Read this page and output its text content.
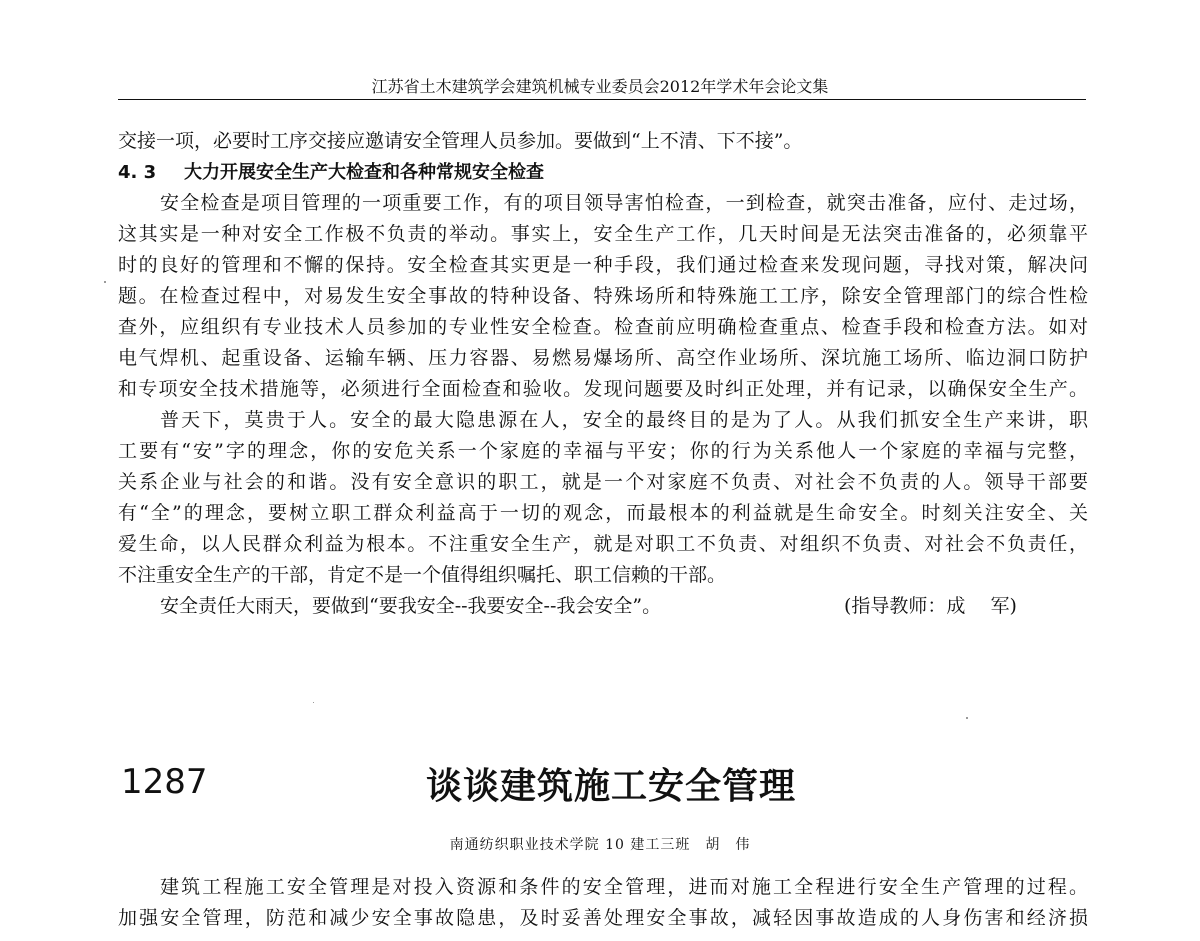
江苏省土木建筑学会建筑机械专业委员会2012年学术年会论文集
交接一项，必要时工序交接应邀请安全管理人员参加。要做到“上不清、下不接”。
4. 3 大力开展安全生产大检查和各种常规安全检查
安全检查是项目管理的一项重要工作，有的项目领导害怕检查，一到检查，就突击准备，应付、走过场，
这其实是一种对安全工作极不负责的举动。事实上，安全生产工作，几天时间是无法突击准备的，必须靠平
时的良好的管理和不懈的保持。安全检查其实更是一种手段，我们通过检查来发现问题，寻找对策，解决问
题。在检查过程中，对易发生安全事故的特种设备、特殊场所和特殊施工工序，除安全管理部门的综合性检
查外，应组织有专业技术人员参加的专业性安全检查。检查前应明确检查重点、检查手段和检查方法。如对
电气焊机、起重设备、运输车辆、压力容器、易燃易爆场所、高空作业场所、深坑施工场所、临边洞口防护
和专项安全技术措施等，必须进行全面检查和验收。发现问题要及时纠正处理，并有记录，以确保安全生产。
普天下，莫贵于人。安全的最大隐患源在人，安全的最终目的是为了人。从我们抓安全生产来讲，职
工要有“安”字的理念，你的安危关系一个家庭的幸福与平安；你的行为关系他人一个家庭的幸福与完整，
关系企业与社会的和谐。没有安全意识的职工，就是一个对家庭不负责、对社会不负责的人。领导干部要
有“全”的理念，要树立职工群众利益高于一切的观念，而最根本的利益就是生命安全。时刻关注安全、关
爱生命，以人民群众利益为根本。不注重安全生产，就是对职工不负责、对组织不负责、对社会不负责任，
不注重安全生产的干部，肯定不是一个值得组织嘱托、职工信赖的干部。
安全责任大雨天，要做到“要我安全--我要安全--我会安全”。	(指导教师：成　 军)
1287	谈谈建筑施工安全管理
南通纺织职业技术学院 10 建工三班　胡　伟
建筑工程施工安全管理是对投入资源和条件的安全管理，进而对施工全程进行安全生产管理的过程。
加强安全管理，防范和减少安全事故隐患，及时妥善处理安全事故，减轻因事故造成的人身伤害和经济损
